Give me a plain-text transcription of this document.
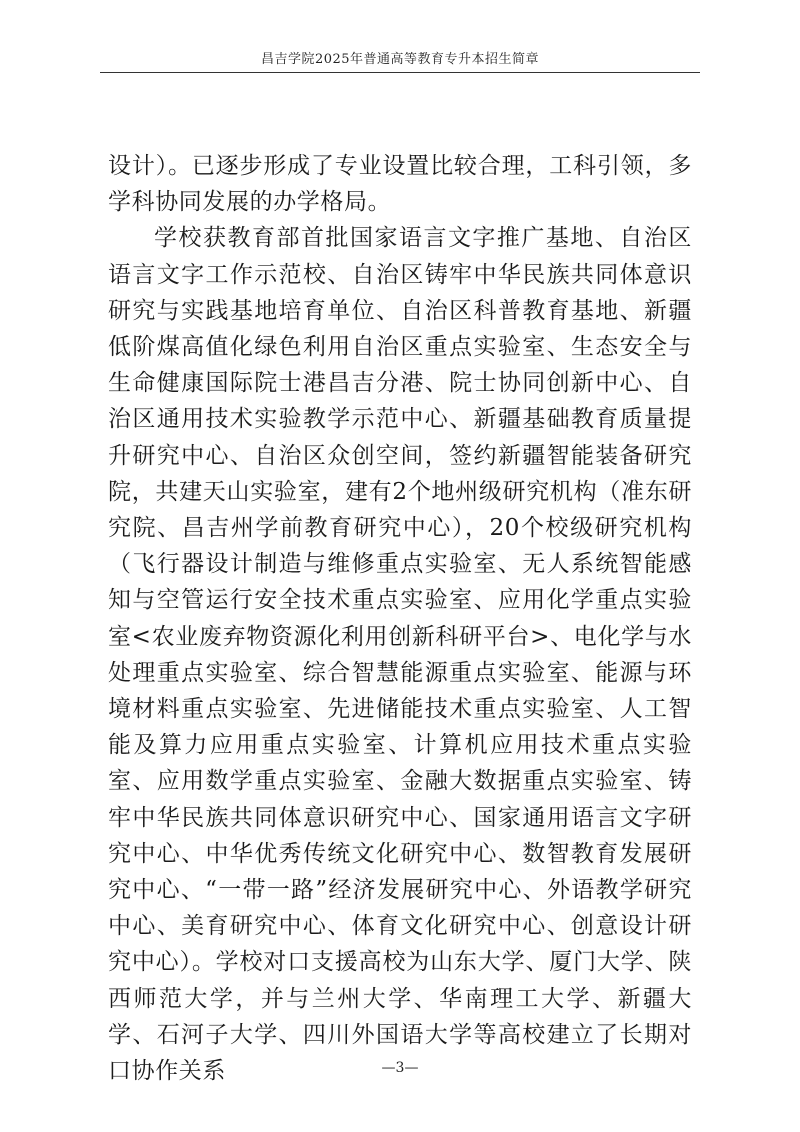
昌吉学院2025年普通高等教育专升本招生简章

设计）。已逐步形成了专业设置比较合理，工科引领，多学科协同发展的办学格局。

学校获教育部首批国家语言文字推广基地、自治区语言文字工作示范校、自治区铸牢中华民族共同体意识研究与实践基地培育单位、自治区科普教育基地、新疆低阶煤高值化绿色利用自治区重点实验室、生态安全与生命健康国际院士港昌吉分港、院士协同创新中心、自治区通用技术实验教学示范中心、新疆基础教育质量提升研究中心、自治区众创空间，签约新疆智能装备研究院，共建天山实验室，建有2个地州级研究机构（准东研究院、昌吉州学前教育研究中心），20个校级研究机构（飞行器设计制造与维修重点实验室、无人系统智能感知与空管运行安全技术重点实验室、应用化学重点实验室<农业废弃物资源化利用创新科研平台>、电化学与水处理重点实验室、综合智慧能源重点实验室、能源与环境材料重点实验室、先进储能技术重点实验室、人工智能及算力应用重点实验室、计算机应用技术重点实验室、应用数学重点实验室、金融大数据重点实验室、铸牢中华民族共同体意识研究中心、国家通用语言文字研究中心、中华优秀传统文化研究中心、数智教育发展研究中心、“一带一路”经济发展研究中心、外语教学研究中心、美育研究中心、体育文化研究中心、创意设计研究中心）。学校对口支援高校为山东大学、厦门大学、陕西师范大学，并与兰州大学、华南理工大学、新疆大学、石河子大学、四川外国语大学等高校建立了长期对口协作关系	—3—
